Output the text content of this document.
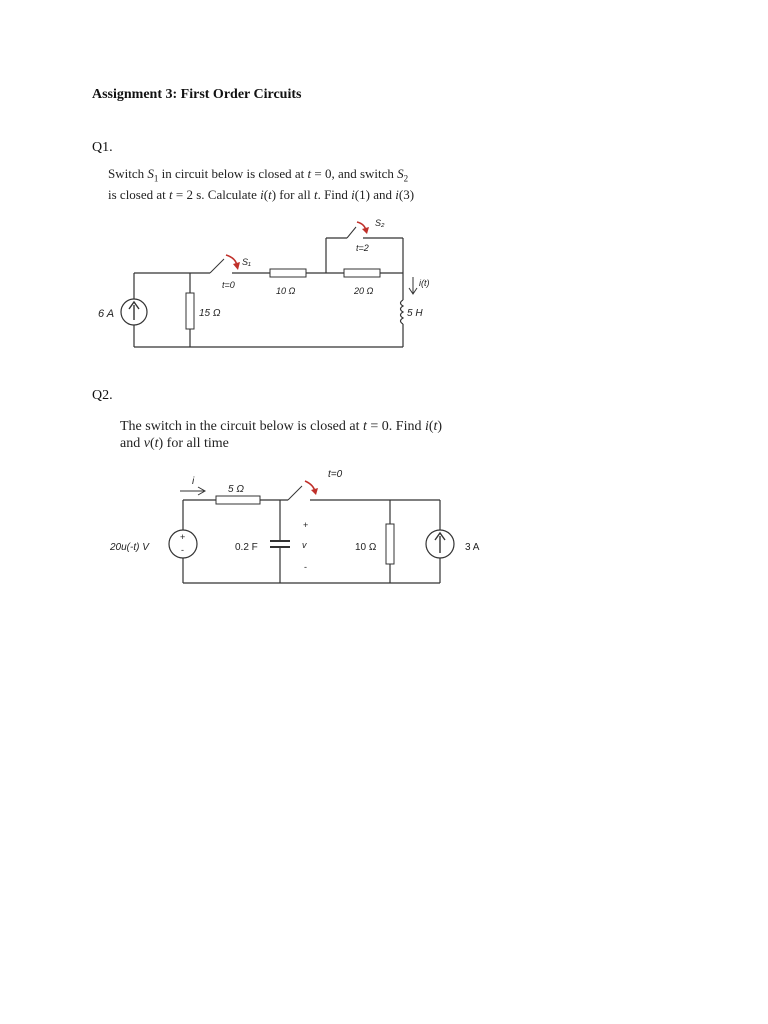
Assignment 3: First Order Circuits
Q1.
Switch $S_1$ in circuit below is closed at t = 0, and switch $S_2$
is closed at t = 2 s. Calculate i(t) for all t. Find i(1) and i(3)
6 A	15 Ω
S₁
t=0
10 Ω	20 Ω
S₂
t=2
5 H
i(t)
Q2.
The switch in the circuit below is closed at t = 0. Find i(t)
and v(t) for all time
+
-
20u(-t) V
5 Ω
i
0.2 F
+
v
-
t=0
10 Ω	3 A
